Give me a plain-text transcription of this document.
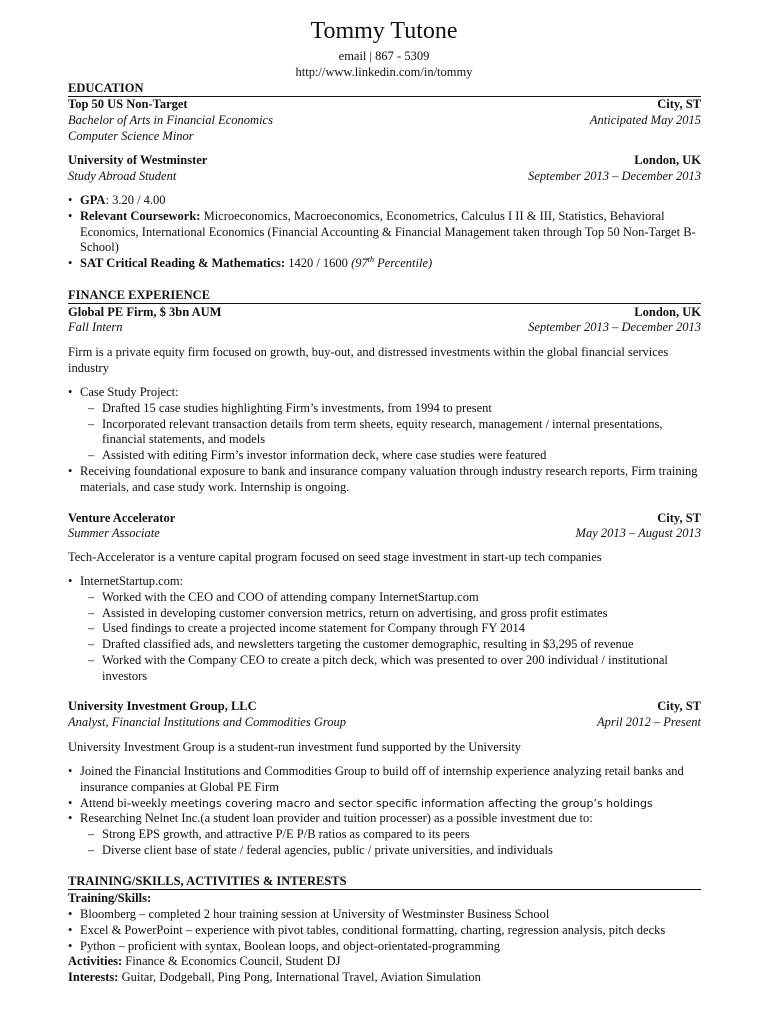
Tommy Tutone
email | 867 - 5309
http://www.linkedin.com/in/tommy
EDUCATION
Top 50 US Non-Target	City, ST
Bachelor of Arts in Financial Economics	Anticipated May 2015
Computer Science Minor
University of Westminster	London, UK
Study Abroad Student	September 2013 – December 2013
• GPA: 3.20 / 4.00
• Relevant Coursework: Microeconomics, Macroeconomics, Econometrics, Calculus I II & III, Statistics, Behavioral Economics, International Economics (Financial Accounting & Financial Management taken through Top 50 Non-Target B-School)
• SAT Critical Reading & Mathematics: 1420 / 1600 (97th Percentile)
FINANCE EXPERIENCE
Global PE Firm, $ 3bn AUM	London, UK
Fall Intern	September 2013 – December 2013
Firm is a private equity firm focused on growth, buy-out, and distressed investments within the global financial services industry
• Case Study Project:
– Drafted 15 case studies highlighting Firm’s investments, from 1994 to present
– Incorporated relevant transaction details from term sheets, equity research, management / internal presentations, financial statements, and models
– Assisted with editing Firm’s investor information deck, where case studies were featured
• Receiving foundational exposure to bank and insurance company valuation through industry research reports, Firm training materials, and case study work. Internship is ongoing.
Venture Accelerator	City, ST
Summer Associate	May 2013 – August 2013
Tech-Accelerator is a venture capital program focused on seed stage investment in start-up tech companies
• InternetStartup.com:
– Worked with the CEO and COO of attending company InternetStartup.com
– Assisted in developing customer conversion metrics, return on advertising, and gross profit estimates
– Used findings to create a projected income statement for Company through FY 2014
– Drafted classified ads, and newsletters targeting the customer demographic, resulting in $3,295 of revenue
– Worked with the Company CEO to create a pitch deck, which was presented to over 200 individual / institutional investors
University Investment Group, LLC	City, ST
Analyst, Financial Institutions and Commodities Group	April 2012 – Present
University Investment Group is a student-run investment fund supported by the University
• Joined the Financial Institutions and Commodities Group to build off of internship experience analyzing retail banks and insurance companies at Global PE Firm
• Attend bi-weekly meetings covering macro and sector specific information affecting the group’s holdings
• Researching Nelnet Inc.(a student loan provider and tuition processer) as a possible investment due to:
– Strong EPS growth, and attractive P/E P/B ratios as compared to its peers
– Diverse client base of state / federal agencies, public / private universities, and individuals
TRAINING/SKILLS, ACTIVITIES & INTERESTS
Training/Skills:
• Bloomberg – completed 2 hour training session at University of Westminster Business School
• Excel & PowerPoint – experience with pivot tables, conditional formatting, charting, regression analysis, pitch decks
• Python – proficient with syntax, Boolean loops, and object-orientated-programming
Activities: Finance & Economics Council, Student DJ
Interests: Guitar, Dodgeball, Ping Pong, International Travel, Aviation Simulation
